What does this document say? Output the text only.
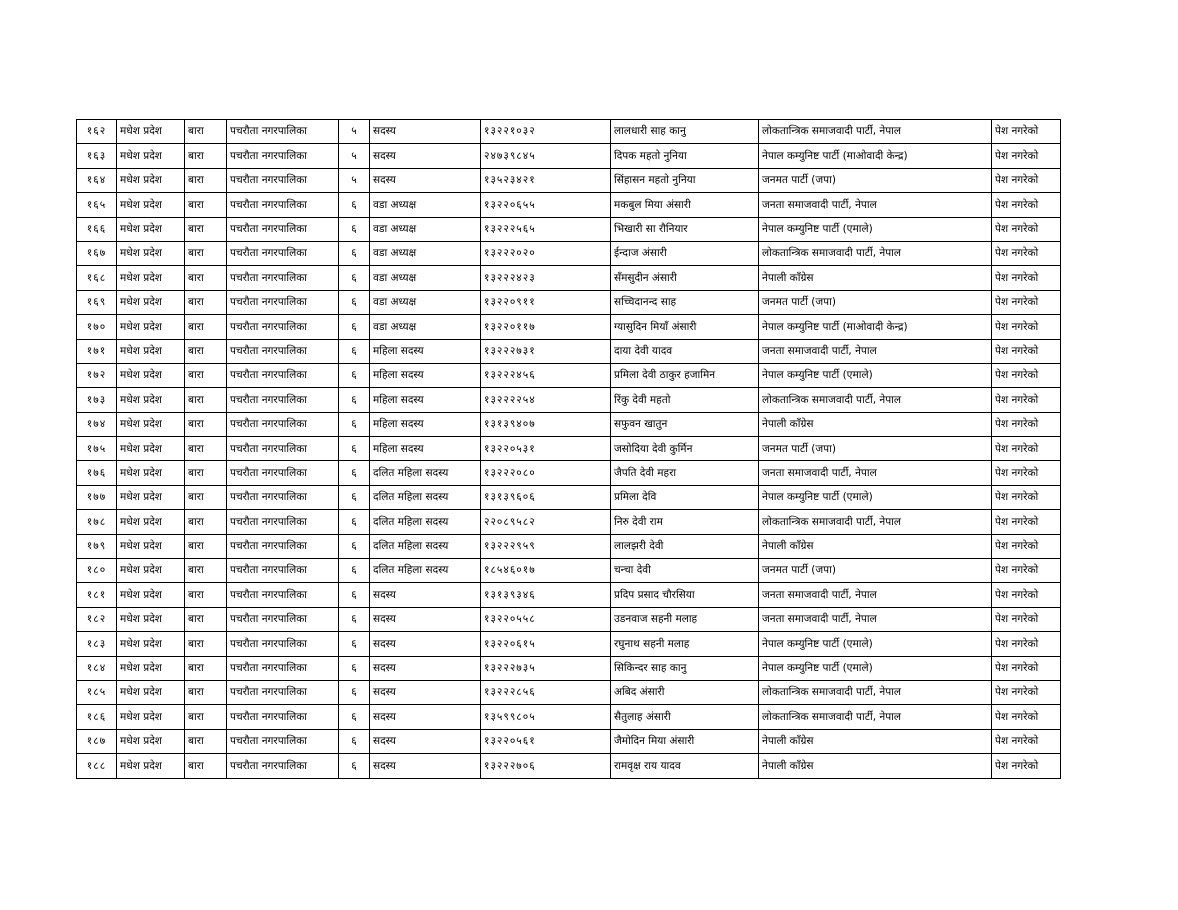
१६२	मधेश प्रदेश	बारा	पचरौता नगरपालिका	५	सदस्य	१३२२१०३२	लालधारी साह कानु	लोकतान्त्रिक समाजवादी पार्टी, नेपाल	पेश नगरेको
१६३	मधेश प्रदेश	बारा	पचरौता नगरपालिका	५	सदस्य	२४७३९८४५	दिपक महतो नुनिया	नेपाल कम्युनिष्ट पार्टी (माओवादी केन्द्र)	पेश नगरेको
१६४	मधेश प्रदेश	बारा	पचरौता नगरपालिका	५	सदस्य	१३५२३४२१	सिंहासन महतो नुनिया	जनमत पार्टी (जपा)	पेश नगरेको
१६५	मधेश प्रदेश	बारा	पचरौता नगरपालिका	६	वडा अध्यक्ष	१३२२०६५५	मकबुल मिया अंसारी	जनता समाजवादी पार्टी, नेपाल	पेश नगरेको
१६६	मधेश प्रदेश	बारा	पचरौता नगरपालिका	६	वडा अध्यक्ष	१३२२२५६५	भिखारी सा रौनियार	नेपाल कम्युनिष्ट पार्टी (एमाले)	पेश नगरेको
१६७	मधेश प्रदेश	बारा	पचरौता नगरपालिका	६	वडा अध्यक्ष	१३२२२०२०	ईन्दाज अंसारी	लोकतान्त्रिक समाजवादी पार्टी, नेपाल	पेश नगरेको
१६८	मधेश प्रदेश	बारा	पचरौता नगरपालिका	६	वडा अध्यक्ष	१३२२२४२३	सँमसुदीन अंसारी	नेपाली काँग्रेस	पेश नगरेको
१६९	मधेश प्रदेश	बारा	पचरौता नगरपालिका	६	वडा अध्यक्ष	१३२२०९११	सच्चिदानन्द साह	जनमत पार्टी (जपा)	पेश नगरेको
१७०	मधेश प्रदेश	बारा	पचरौता नगरपालिका	६	वडा अध्यक्ष	१३२२०११७	ग्यासुदिन मियाँ अंसारी	नेपाल कम्युनिष्ट पार्टी (माओवादी केन्द्र)	पेश नगरेको
१७१	मधेश प्रदेश	बारा	पचरौता नगरपालिका	६	महिला सदस्य	१३२२२७३१	दाया देवी यादव	जनता समाजवादी पार्टी, नेपाल	पेश नगरेको
१७२	मधेश प्रदेश	बारा	पचरौता नगरपालिका	६	महिला सदस्य	१३२२२४५६	प्रमिला देवी ठाकुर हजामिन	नेपाल कम्युनिष्ट पार्टी (एमाले)	पेश नगरेको
१७३	मधेश प्रदेश	बारा	पचरौता नगरपालिका	६	महिला सदस्य	१३२२२२५४	रिंकु देवी महतो	लोकतान्त्रिक समाजवादी पार्टी, नेपाल	पेश नगरेको
१७४	मधेश प्रदेश	बारा	पचरौता नगरपालिका	६	महिला सदस्य	१३१३९४०७	सफुवन खातुन	नेपाली काँग्रेस	पेश नगरेको
१७५	मधेश प्रदेश	बारा	पचरौता नगरपालिका	६	महिला सदस्य	१३२२०५३१	जसोदिया देवी कुर्मिन	जनमत पार्टी (जपा)	पेश नगरेको
१७६	मधेश प्रदेश	बारा	पचरौता नगरपालिका	६	दलित महिला सदस्य	१३२२२०८०	जैपति देवी महरा	जनता समाजवादी पार्टी, नेपाल	पेश नगरेको
१७७	मधेश प्रदेश	बारा	पचरौता नगरपालिका	६	दलित महिला सदस्य	१३१३९६०६	प्रमिला देवि	नेपाल कम्युनिष्ट पार्टी (एमाले)	पेश नगरेको
१७८	मधेश प्रदेश	बारा	पचरौता नगरपालिका	६	दलित महिला सदस्य	२२०८९५८२	निरु देवी राम	लोकतान्त्रिक समाजवादी पार्टी, नेपाल	पेश नगरेको
१७९	मधेश प्रदेश	बारा	पचरौता नगरपालिका	६	दलित महिला सदस्य	१३२२२९५९	लालझरी देवी	नेपाली काँग्रेस	पेश नगरेको
१८०	मधेश प्रदेश	बारा	पचरौता नगरपालिका	६	दलित महिला सदस्य	१८५४६०१७	चन्चा देवी	जनमत पार्टी (जपा)	पेश नगरेको
१८१	मधेश प्रदेश	बारा	पचरौता नगरपालिका	६	सदस्य	१३१३९३४६	प्रदिप प्रसाद चौरसिया	जनता समाजवादी पार्टी, नेपाल	पेश नगरेको
१८२	मधेश प्रदेश	बारा	पचरौता नगरपालिका	६	सदस्य	१३२२०५५८	उडनवाज सहनी मलाह	जनता समाजवादी पार्टी, नेपाल	पेश नगरेको
१८३	मधेश प्रदेश	बारा	पचरौता नगरपालिका	६	सदस्य	१३२२०६१५	रघुनाथ सहनी मलाह	नेपाल कम्युनिष्ट पार्टी (एमाले)	पेश नगरेको
१८४	मधेश प्रदेश	बारा	पचरौता नगरपालिका	६	सदस्य	१३२२२७३५	सिकिन्दर साह कानु	नेपाल कम्युनिष्ट पार्टी (एमाले)	पेश नगरेको
१८५	मधेश प्रदेश	बारा	पचरौता नगरपालिका	६	सदस्य	१३२२२८५६	अबिद अंसारी	लोकतान्त्रिक समाजवादी पार्टी, नेपाल	पेश नगरेको
१८६	मधेश प्रदेश	बारा	पचरौता नगरपालिका	६	सदस्य	१३५९९८०५	सैतुलाह अंसारी	लोकतान्त्रिक समाजवादी पार्टी, नेपाल	पेश नगरेको
१८७	मधेश प्रदेश	बारा	पचरौता नगरपालिका	६	सदस्य	१३२२०५६१	जैमोदिन मिया अंसारी	नेपाली काँग्रेस	पेश नगरेको
१८८	मधेश प्रदेश	बारा	पचरौता नगरपालिका	६	सदस्य	१३२२२७०६	रामवृक्ष राय यादव	नेपाली काँग्रेस	पेश नगरेको
